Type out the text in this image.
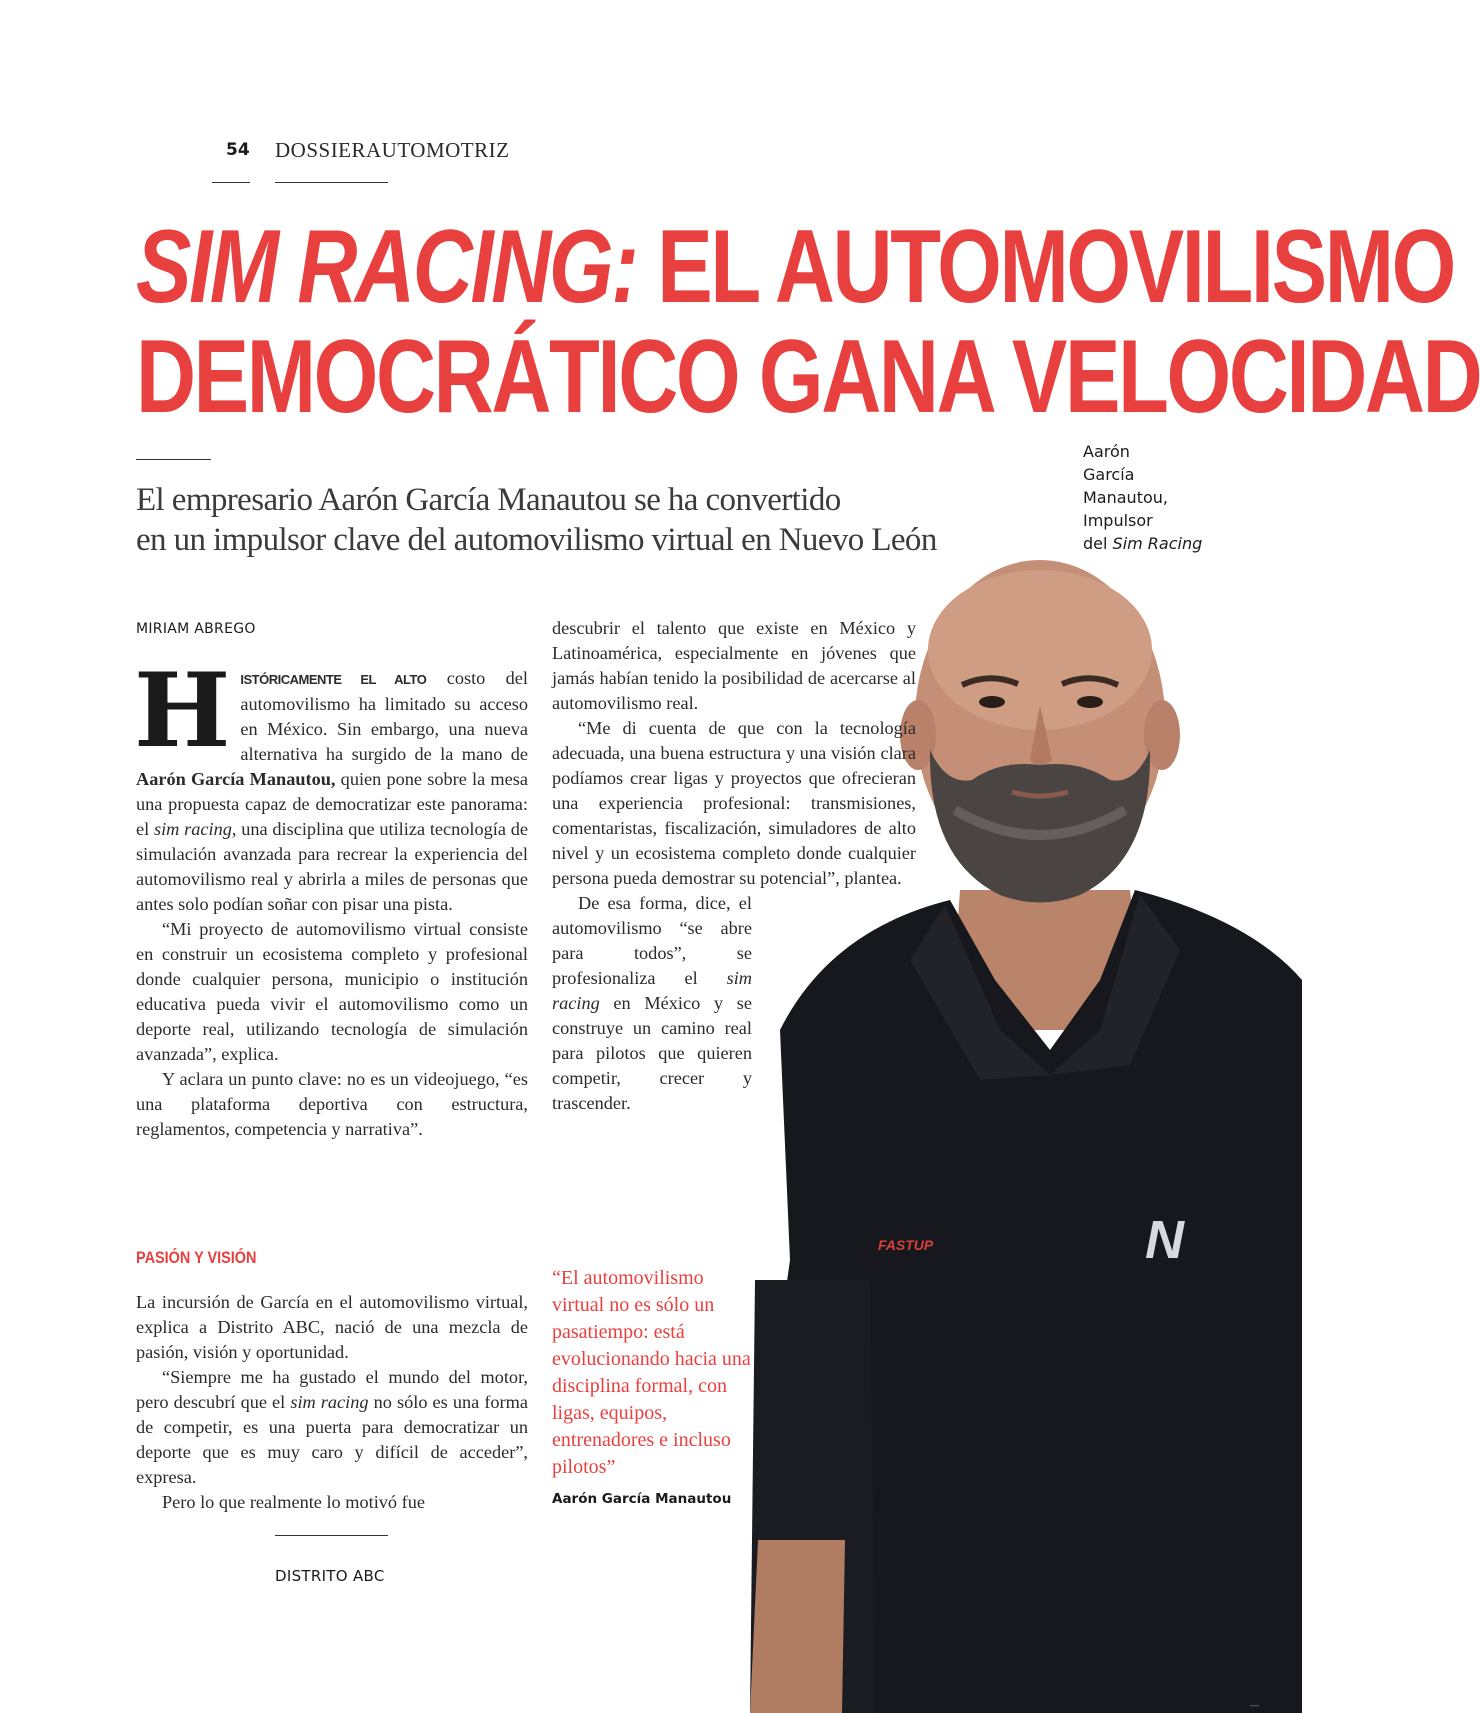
54 DOSSIERAUTOMOTRIZ
SIM RACING: EL AUTOMOVILISMO
DEMOCRÁTICO GANA VELOCIDAD
El empresario Aarón García Manautou se ha convertido
en un impulsor clave del automovilismo virtual en Nuevo León
Aarón
García
Manautou,
Impulsor
del Sim Racing
FASTUP	N
—
MIRIAM ABREGO

HISTÓRICAMENTE EL ALTO costo del automovilismo ha limitado su acceso en México. Sin embargo, una nueva alternativa ha surgido de la mano de Aarón García Manautou, quien pone sobre la mesa una propuesta capaz de democratizar este panorama: el sim racing, una disciplina que utiliza tecnología de simulación avanzada para recrear la experiencia del automovilismo real y abrirla a miles de personas que antes solo podían soñar con pisar una pista.

“Mi proyecto de automovilismo virtual consiste en construir un ecosistema completo y profesional donde cualquier persona, municipio o institución educativa pueda vivir el automovilismo como un deporte real, utilizando tecnología de simulación avanzada”, explica.

Y aclara un punto clave: no es un videojuego, “es una plataforma deportiva con estructura, reglamentos, competencia y narrativa”.

PASIÓN Y VISIÓN

La incursión de García en el automovilismo virtual, explica a Distrito ABC, nació de una mezcla de pasión, visión y oportunidad.

“Siempre me ha gustado el mundo del motor, pero descubrí que el sim racing no sólo es una forma de competir, es una puerta para democratizar un deporte que es muy caro y difícil de acceder”, expresa.

Pero lo que realmente lo motivó fue

descubrir el talento que existe en México y Latinoamérica, especialmente en jóvenes que jamás habían tenido la posibilidad de acercarse al automovilismo real.

“Me di cuenta de que con la tecnología adecuada, una buena estructura y una visión clara podíamos crear ligas y proyectos que ofrecieran una experiencia profesional: transmisiones, comentaristas, fiscalización, simuladores de alto nivel y un ecosistema completo donde cualquier persona pueda demostrar su potencial”, plantea.

De esa forma, dice, el automovilismo “se abre para todos”, se profesionaliza el sim racing en México y se construye un camino real para pilotos que quieren competir, crecer y trascender.

“El automovilismo virtual no es sólo un pasatiempo: está evolucionando hacia una disciplina formal, con ligas, equipos, entrenadores e incluso pilotos”
Aarón García Manautou
DISTRITO ABC
